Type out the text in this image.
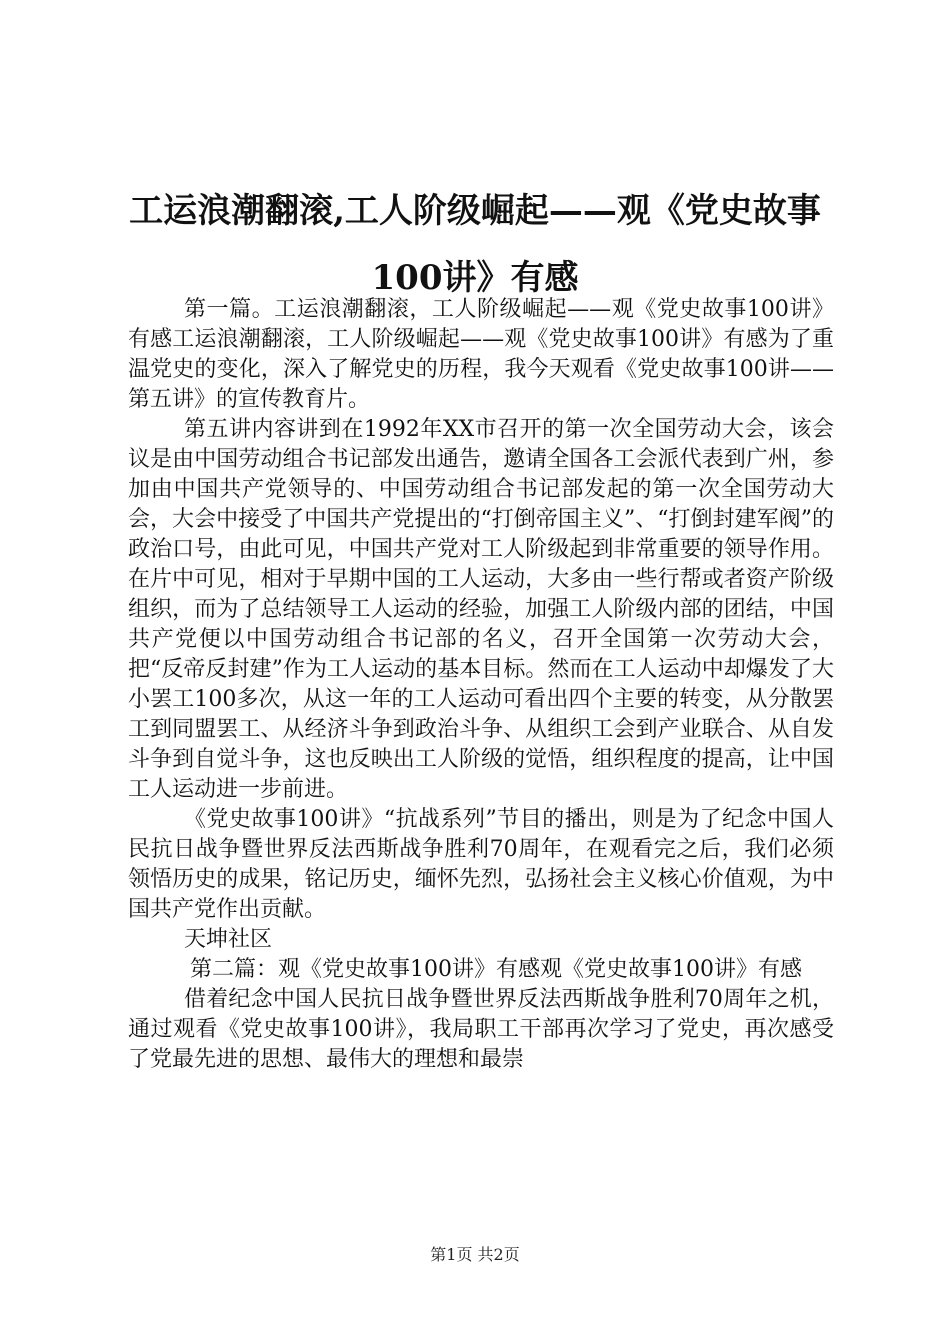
工运浪潮翻滚,工人阶级崛起——观《党史故事100讲》有感

第一篇。工运浪潮翻滚，工人阶级崛起——观《党史故事100讲》有感工运浪潮翻滚，工人阶级崛起——观《党史故事100讲》有感为了重温党史的变化，深入了解党史的历程，我今天观看《党史故事100讲——第五讲》的宣传教育片。

第五讲内容讲到在1992年XX市召开的第一次全国劳动大会，该会议是由中国劳动组合书记部发出通告，邀请全国各工会派代表到广州，参加由中国共产党领导的、中国劳动组合书记部发起的第一次全国劳动大会，大会中接受了中国共产党提出的“打倒帝国主义”、“打倒封建军阀”的政治口号，由此可见，中国共产党对工人阶级起到非常重要的领导作用。在片中可见，相对于早期中国的工人运动，大多由一些行帮或者资产阶级组织，而为了总结领导工人运动的经验，加强工人阶级内部的团结，中国共产党便以中国劳动组合书记部的名义，召开全国第一次劳动大会，把“反帝反封建”作为工人运动的基本目标。然而在工人运动中却爆发了大小罢工100多次，从这一年的工人运动可看出四个主要的转变，从分散罢工到同盟罢工、从经济斗争到政治斗争、从组织工会到产业联合、从自发斗争到自觉斗争，这也反映出工人阶级的觉悟，组织程度的提高，让中国工人运动进一步前进。

《党史故事100讲》“抗战系列”节目的播出，则是为了纪念中国人民抗日战争暨世界反法西斯战争胜利70周年，在观看完之后，我们必须领悟历史的成果，铭记历史，缅怀先烈，弘扬社会主义核心价值观，为中国共产党作出贡献。

天坤社区

第二篇：观《党史故事100讲》有感观《党史故事100讲》有感

借着纪念中国人民抗日战争暨世界反法西斯战争胜利70周年之机，通过观看《党史故事100讲》，我局职工干部再次学习了党史，再次感受了党最先进的思想、最伟大的理想和最崇

第1页 共2页
